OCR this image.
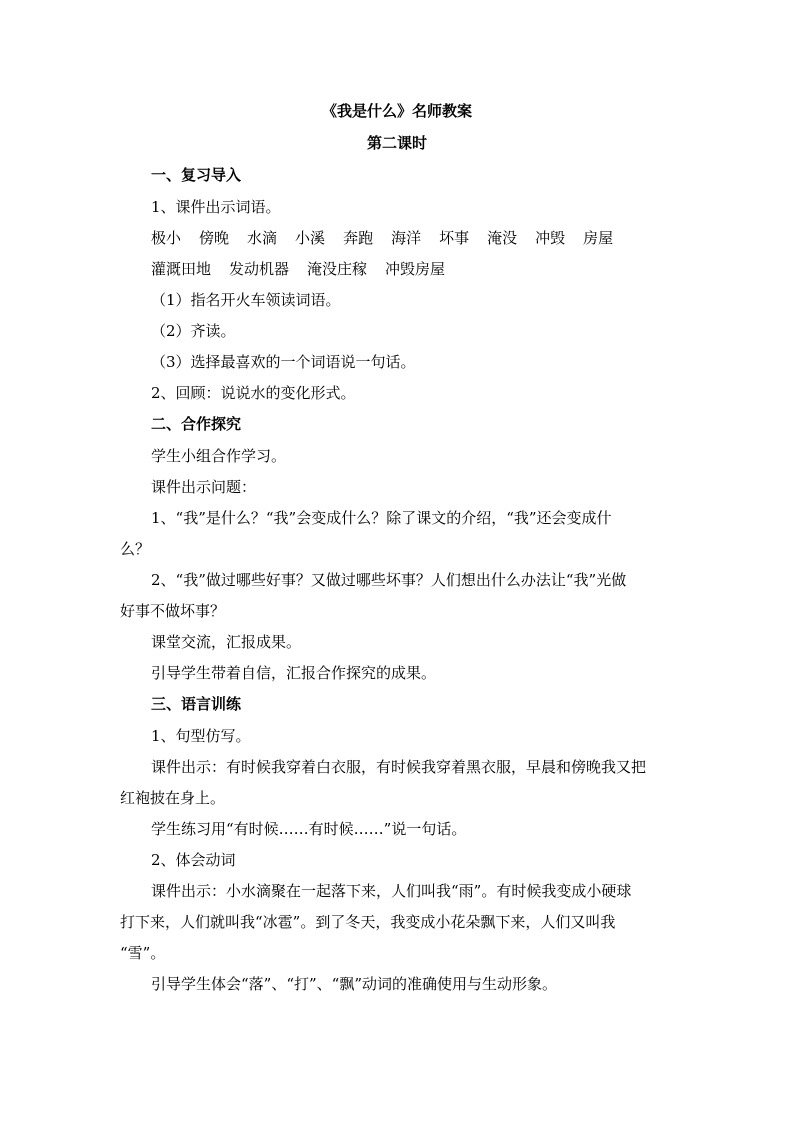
《我是什么》名师教案
第二课时
一、复习导入
1、课件出示词语。
极小 傍晚 水滴 小溪 奔跑 海洋 坏事 淹没 冲毁 房屋
灌溉田地 发动机器 淹没庄稼 冲毁房屋
（1）指名开火车领读词语。
（2）齐读。
（3）选择最喜欢的一个词语说一句话。
2、回顾：说说水的变化形式。
二、合作探究
学生小组合作学习。
课件出示问题：
1、“我”是什么？“我”会变成什么？除了课文的介绍，“我”还会变成什
么？
2、“我”做过哪些好事？又做过哪些坏事？人们想出什么办法让“我”光做
好事不做坏事？
课堂交流，汇报成果。
引导学生带着自信，汇报合作探究的成果。
三、语言训练
1、句型仿写。
课件出示：有时候我穿着白衣服，有时候我穿着黑衣服，早晨和傍晚我又把
红袍披在身上。
学生练习用“有时候……有时候……”说一句话。
2、体会动词
课件出示：小水滴聚在一起落下来，人们叫我“雨”。有时候我变成小硬球
打下来，人们就叫我“冰雹”。到了冬天，我变成小花朵飘下来，人们又叫我
“雪”。
引导学生体会“落”、“打”、“飘”动词的准确使用与生动形象。
